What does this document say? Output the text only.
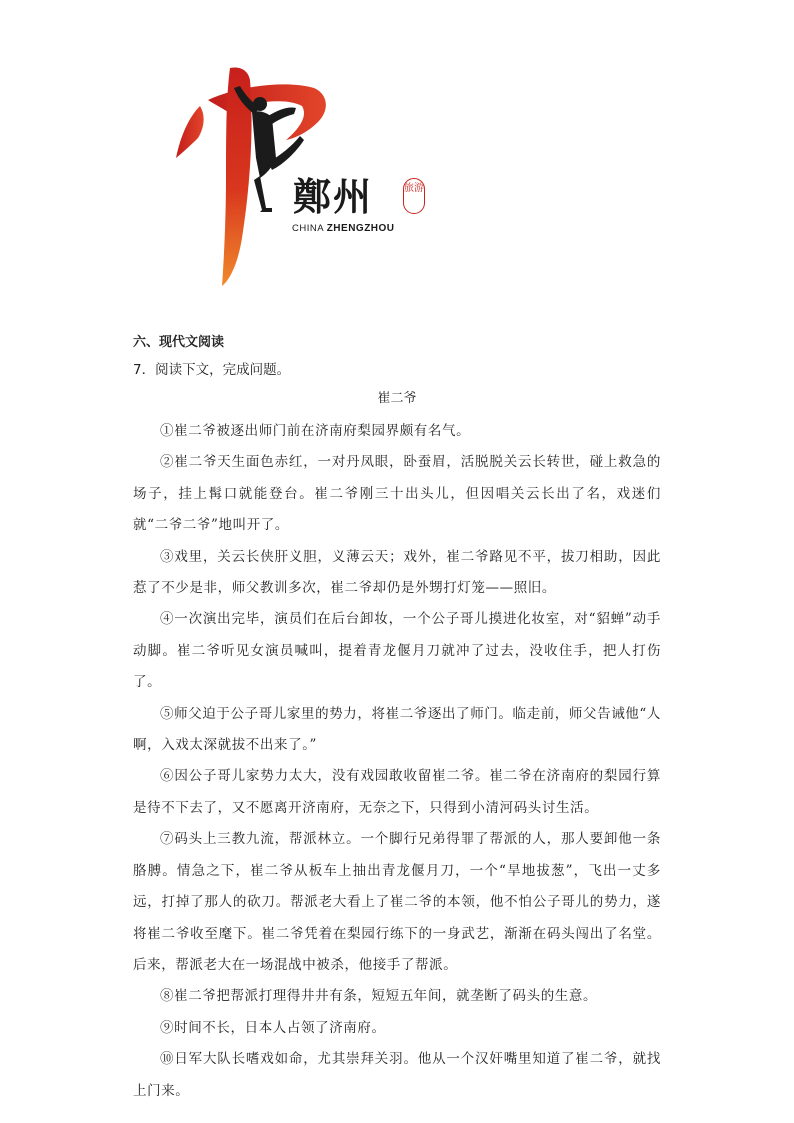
鄭州
CHINA ZHENGZHOU
旅游
六、现代文阅读
7．阅读下文，完成问题。
崔二爷

①崔二爷被逐出师门前在济南府梨园界颇有名气。

②崔二爷天生面色赤红，一对丹凤眼，卧蚕眉，活脱脱关云长转世，碰上救急的场子，挂上髯口就能登台。崔二爷刚三十出头儿，但因唱关云长出了名，戏迷们就“二爷二爷”地叫开了。

③戏里，关云长侠肝义胆，义薄云天；戏外，崔二爷路见不平，拔刀相助，因此惹了不少是非，师父教训多次，崔二爷却仍是外甥打灯笼——照旧。

④一次演出完毕，演员们在后台卸妆，一个公子哥儿摸进化妆室，对“貂蝉”动手动脚。崔二爷听见女演员喊叫，提着青龙偃月刀就冲了过去，没收住手，把人打伤了。

⑤师父迫于公子哥儿家里的势力，将崔二爷逐出了师门。临走前，师父告诫他“人啊，入戏太深就拔不出来了。”

⑥因公子哥儿家势力太大，没有戏园敢收留崔二爷。崔二爷在济南府的梨园行算是待不下去了，又不愿离开济南府，无奈之下，只得到小清河码头讨生活。

⑦码头上三教九流，帮派林立。一个脚行兄弟得罪了帮派的人，那人要卸他一条胳膊。情急之下，崔二爷从板车上抽出青龙偃月刀，一个“旱地拔葱”，飞出一丈多远，打掉了那人的砍刀。帮派老大看上了崔二爷的本领，他不怕公子哥儿的势力，遂将崔二爷收至麾下。崔二爷凭着在梨园行练下的一身武艺，渐渐在码头闯出了名堂。后来，帮派老大在一场混战中被杀，他接手了帮派。

⑧崔二爷把帮派打理得井井有条，短短五年间，就垄断了码头的生意。

⑨时间不长，日本人占领了济南府。

⑩日军大队长嗜戏如命，尤其崇拜关羽。他从一个汉奸嘴里知道了崔二爷，就找上门来。
